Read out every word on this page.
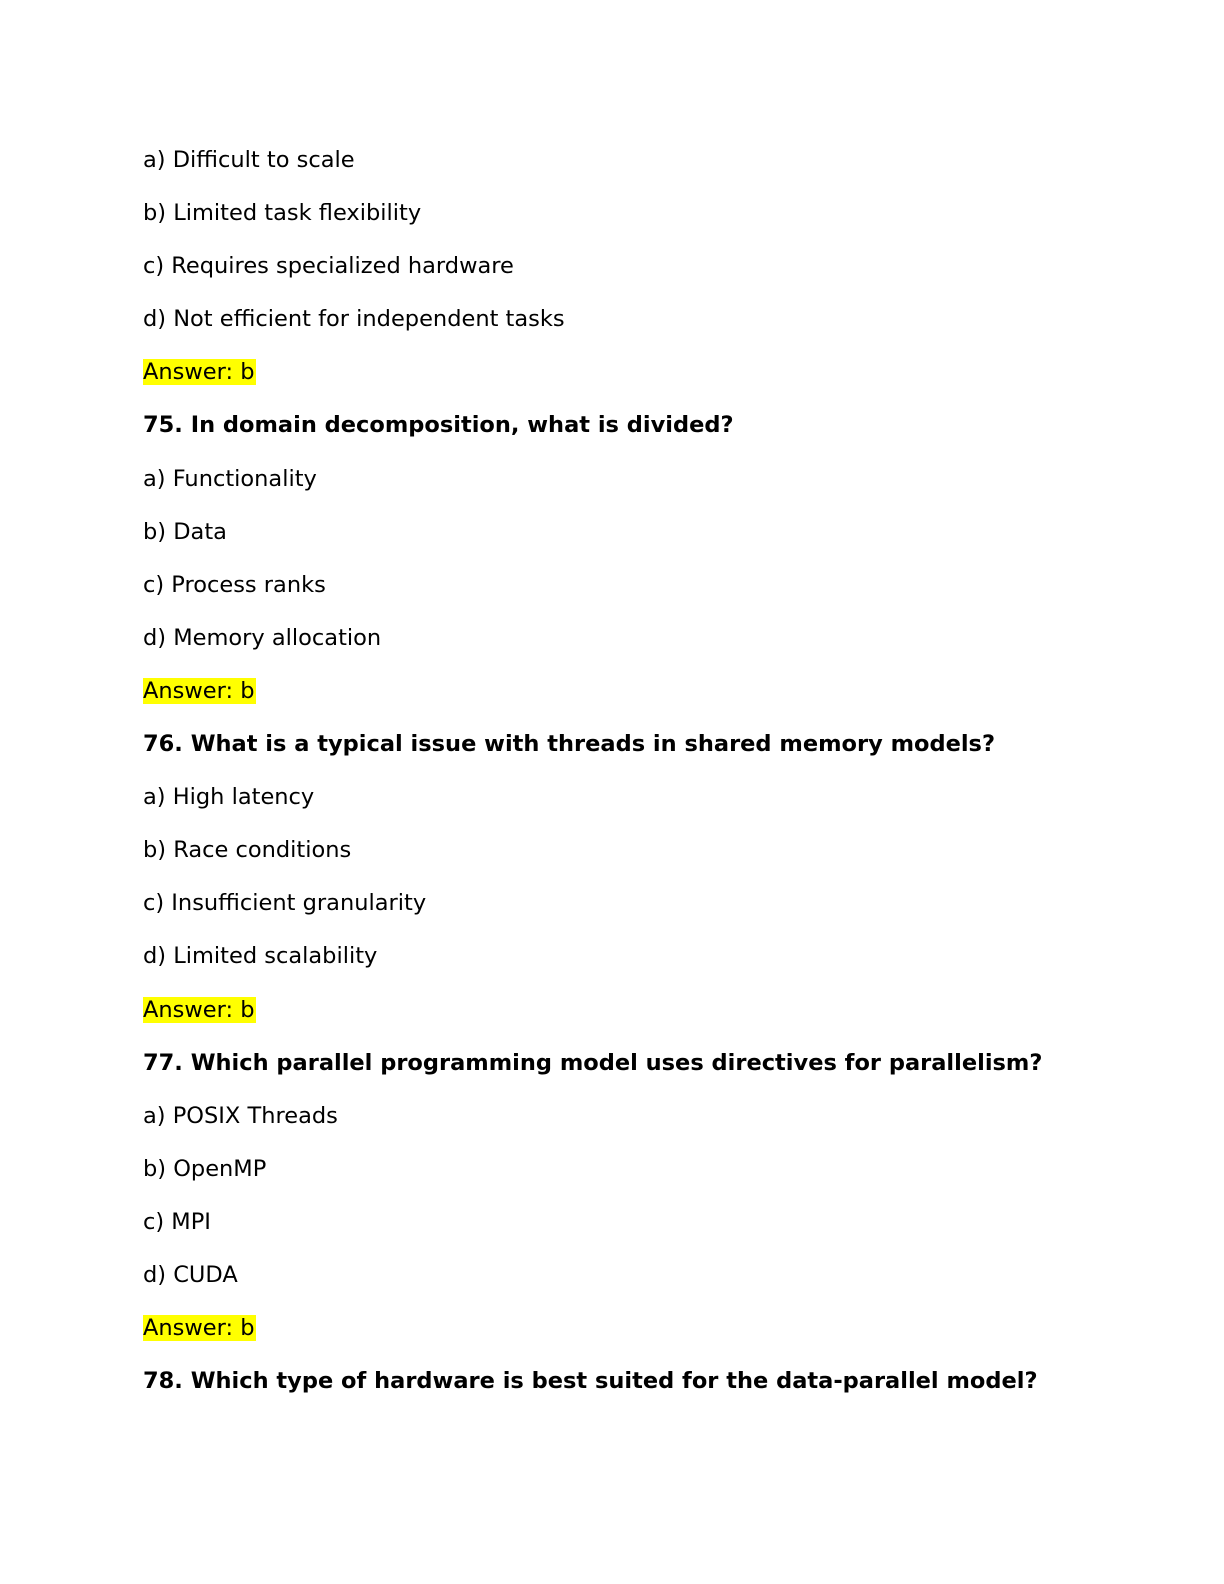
a) Difficult to scale
b) Limited task flexibility
c) Requires specialized hardware
d) Not efficient for independent tasks
Answer: b
75. In domain decomposition, what is divided?
a) Functionality
b) Data
c) Process ranks
d) Memory allocation
Answer: b
76. What is a typical issue with threads in shared memory models?
a) High latency
b) Race conditions
c) Insufficient granularity
d) Limited scalability
Answer: b
77. Which parallel programming model uses directives for parallelism?
a) POSIX Threads
b) OpenMP
c) MPI
d) CUDA
Answer: b
78. Which type of hardware is best suited for the data-parallel model?
